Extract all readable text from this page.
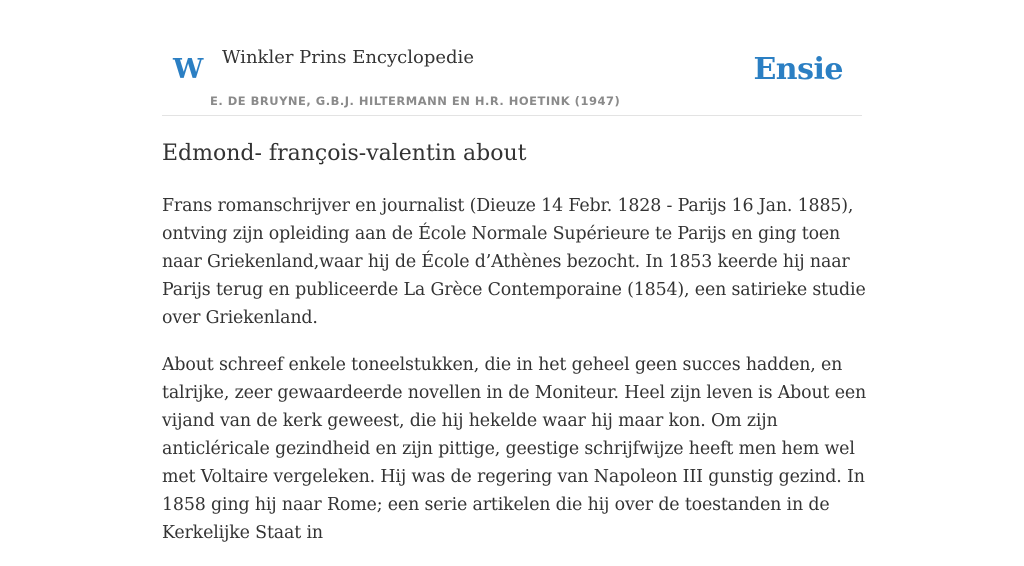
W Winkler Prins Encyclopedie
E. DE BRUYNE, G.B.J. HILTERMANN EN H.R. HOETINK (1947)
Ensie
Edmond- françois-valentin about

Frans romanschrijver en journalist (Dieuze 14 Febr. 1828 - Parijs 16 Jan. 1885), ontving zijn opleiding aan de École Normale Supérieure te Parijs en ging toen naar Griekenland,waar hij de École d’Athènes bezocht. In 1853 keerde hij naar Parijs terug en publiceerde La Grèce Contemporaine (1854), een satirieke studie over Griekenland.

About schreef enkele toneelstukken, die in het geheel geen succes hadden, en talrijke, zeer gewaardeerde novellen in de Moniteur. Heel zijn leven is About een vijand van de kerk geweest, die hij hekelde waar hij maar kon. Om zijn anticléricale gezindheid en zijn pittige, geestige schrijfwijze heeft men hem wel met Voltaire vergeleken. Hij was de regering van Napoleon III gunstig gezind. In 1858 ging hij naar Rome; een serie artikelen die hij over de toestanden in de Kerkelijke Staat in
